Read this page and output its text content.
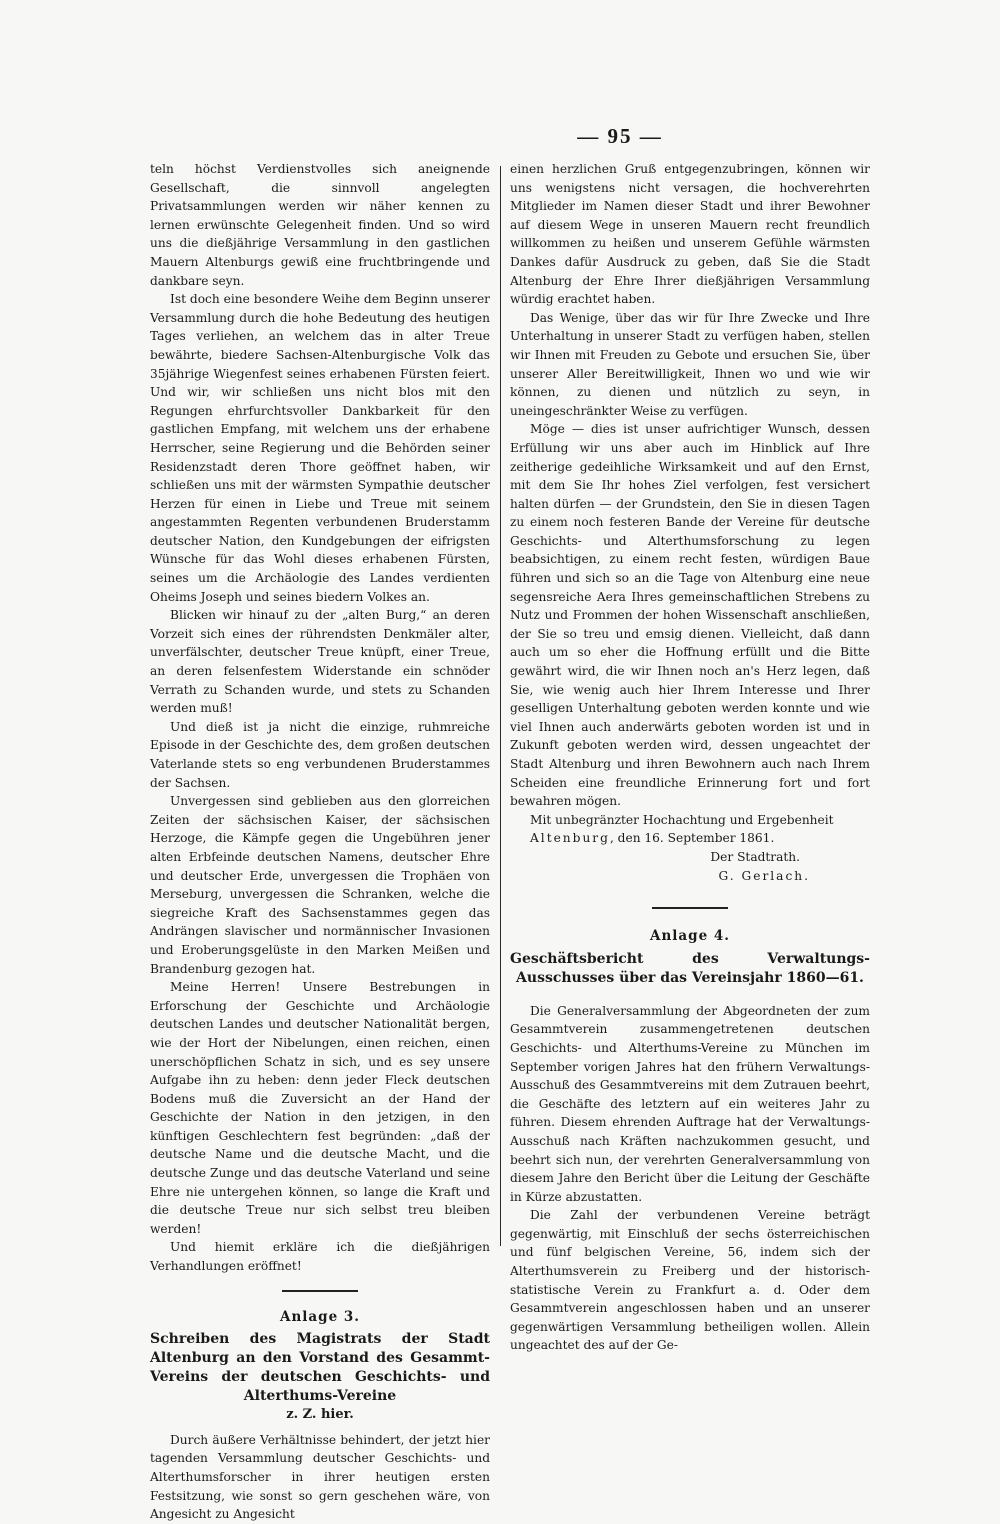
— 95 —

teln höchst Verdienstvolles sich aneignende Gesellschaft, die sinnvoll angelegten Privatsammlungen werden wir näher kennen zu lernen erwünschte Gelegenheit finden. Und so wird uns die dießjährige Versammlung in den gastlichen Mauern Altenburgs gewiß eine fruchtbringende und dankbare seyn.

Ist doch eine besondere Weihe dem Beginn unserer Versammlung durch die hohe Bedeutung des heutigen Tages verliehen, an welchem das in alter Treue bewährte, biedere Sachsen-Altenburgische Volk das 35jährige Wiegenfest seines erhabenen Fürsten feiert. Und wir, wir schließen uns nicht blos mit den Regungen ehrfurchtsvoller Dankbarkeit für den gastlichen Empfang, mit welchem uns der erhabene Herrscher, seine Regierung und die Behörden seiner Residenzstadt deren Thore geöffnet haben, wir schließen uns mit der wärmsten Sympathie deutscher Herzen für einen in Liebe und Treue mit seinem angestammten Regenten verbundenen Bruderstamm deutscher Nation, den Kundgebungen der eifrigsten Wünsche für das Wohl dieses erhabenen Fürsten, seines um die Archäologie des Landes verdienten Oheims Joseph und seines biedern Volkes an.

Blicken wir hinauf zu der „alten Burg,“ an deren Vorzeit sich eines der rührendsten Denkmäler alter, unverfälschter, deutscher Treue knüpft, einer Treue, an deren felsenfestem Widerstande ein schnöder Verrath zu Schanden wurde, und stets zu Schanden werden muß!

Und dieß ist ja nicht die einzige, ruhmreiche Episode in der Geschichte des, dem großen deutschen Vaterlande stets so eng verbundenen Bruderstammes der Sachsen.

Unvergessen sind geblieben aus den glorreichen Zeiten der sächsischen Kaiser, der sächsischen Herzoge, die Kämpfe gegen die Ungebühren jener alten Erbfeinde deutschen Namens, deutscher Ehre und deutscher Erde, unvergessen die Trophäen von Merseburg, unvergessen die Schranken, welche die siegreiche Kraft des Sachsenstammes gegen das Andrängen slavischer und normännischer Invasionen und Eroberungsgelüste in den Marken Meißen und Brandenburg gezogen hat.

Meine Herren! Unsere Bestrebungen in Erforschung der Geschichte und Archäologie deutschen Landes und deutscher Nationalität bergen, wie der Hort der Nibelungen, einen reichen, einen unerschöpflichen Schatz in sich, und es sey unsere Aufgabe ihn zu heben: denn jeder Fleck deutschen Bodens muß die Zuversicht an der Hand der Geschichte der Nation in den jetzigen, in den künftigen Geschlechtern fest begründen: „daß der deutsche Name und die deutsche Macht, und die deutsche Zunge und das deutsche Vaterland und seine Ehre nie untergehen können, so lange die Kraft und die deutsche Treue nur sich selbst treu bleiben werden!

Und hiemit erkläre ich die dießjährigen Verhandlungen eröffnet!

Anlage 3.
Schreiben des Magistrats der Stadt Altenburg an den Vorstand des Gesammt-Vereins der deutschen Geschichts- und Alterthums-Vereine
z. Z. hier.

Durch äußere Verhältnisse behindert, der jetzt hier tagenden Versammlung deutscher Geschichts- und Alterthumsforscher in ihrer heutigen ersten Festsitzung, wie sonst so gern geschehen wäre, von Angesicht zu Angesicht

einen herzlichen Gruß entgegenzubringen, können wir uns wenigstens nicht versagen, die hochverehrten Mitglieder im Namen dieser Stadt und ihrer Bewohner auf diesem Wege in unseren Mauern recht freundlich willkommen zu heißen und unserem Gefühle wärmsten Dankes dafür Ausdruck zu geben, daß Sie die Stadt Altenburg der Ehre Ihrer dießjährigen Versammlung würdig erachtet haben.

Das Wenige, über das wir für Ihre Zwecke und Ihre Unterhaltung in unserer Stadt zu verfügen haben, stellen wir Ihnen mit Freuden zu Gebote und ersuchen Sie, über unserer Aller Bereitwilligkeit, Ihnen wo und wie wir können, zu dienen und nützlich zu seyn, in uneingeschränkter Weise zu verfügen.

Möge — dies ist unser aufrichtiger Wunsch, dessen Erfüllung wir uns aber auch im Hinblick auf Ihre zeitherige gedeihliche Wirksamkeit und auf den Ernst, mit dem Sie Ihr hohes Ziel verfolgen, fest versichert halten dürfen — der Grundstein, den Sie in diesen Tagen zu einem noch festeren Bande der Vereine für deutsche Geschichts- und Alterthumsforschung zu legen beabsichtigen, zu einem recht festen, würdigen Baue führen und sich so an die Tage von Altenburg eine neue segensreiche Aera Ihres gemeinschaftlichen Strebens zu Nutz und Frommen der hohen Wissenschaft anschließen, der Sie so treu und emsig dienen. Vielleicht, daß dann auch um so eher die Hoffnung erfüllt und die Bitte gewährt wird, die wir Ihnen noch an's Herz legen, daß Sie, wie wenig auch hier Ihrem Interesse und Ihrer geselligen Unterhaltung geboten werden konnte und wie viel Ihnen auch anderwärts geboten worden ist und in Zukunft geboten werden wird, dessen ungeachtet der Stadt Altenburg und ihren Bewohnern auch nach Ihrem Scheiden eine freundliche Erinnerung fort und fort bewahren mögen.

Mit unbegränzter Hochachtung und Ergebenheit

Altenburg, den 16. September 1861.

Der Stadtrath.

G. Gerlach.

Anlage 4.
Geschäftsbericht des Verwaltungs-Ausschusses über das Vereinsjahr 1860—61.

Die Generalversammlung der Abgeordneten der zum Gesammtverein zusammengetretenen deutschen Geschichts- und Alterthums-Vereine zu München im September vorigen Jahres hat den frühern Verwaltungs-Ausschuß des Gesammtvereins mit dem Zutrauen beehrt, die Geschäfte des letztern auf ein weiteres Jahr zu führen. Diesem ehrenden Auftrage hat der Verwaltungs-Ausschuß nach Kräften nachzukommen gesucht, und beehrt sich nun, der verehrten Generalversammlung von diesem Jahre den Bericht über die Leitung der Geschäfte in Kürze abzustatten.

Die Zahl der verbundenen Vereine beträgt gegenwärtig, mit Einschluß der sechs österreichischen und fünf belgischen Vereine, 56, indem sich der Alterthumsverein zu Freiberg und der historisch-statistische Verein zu Frankfurt a. d. Oder dem Gesammtverein angeschlossen haben und an unserer gegenwärtigen Versammlung betheiligen wollen. Allein ungeachtet des auf der Ge-
